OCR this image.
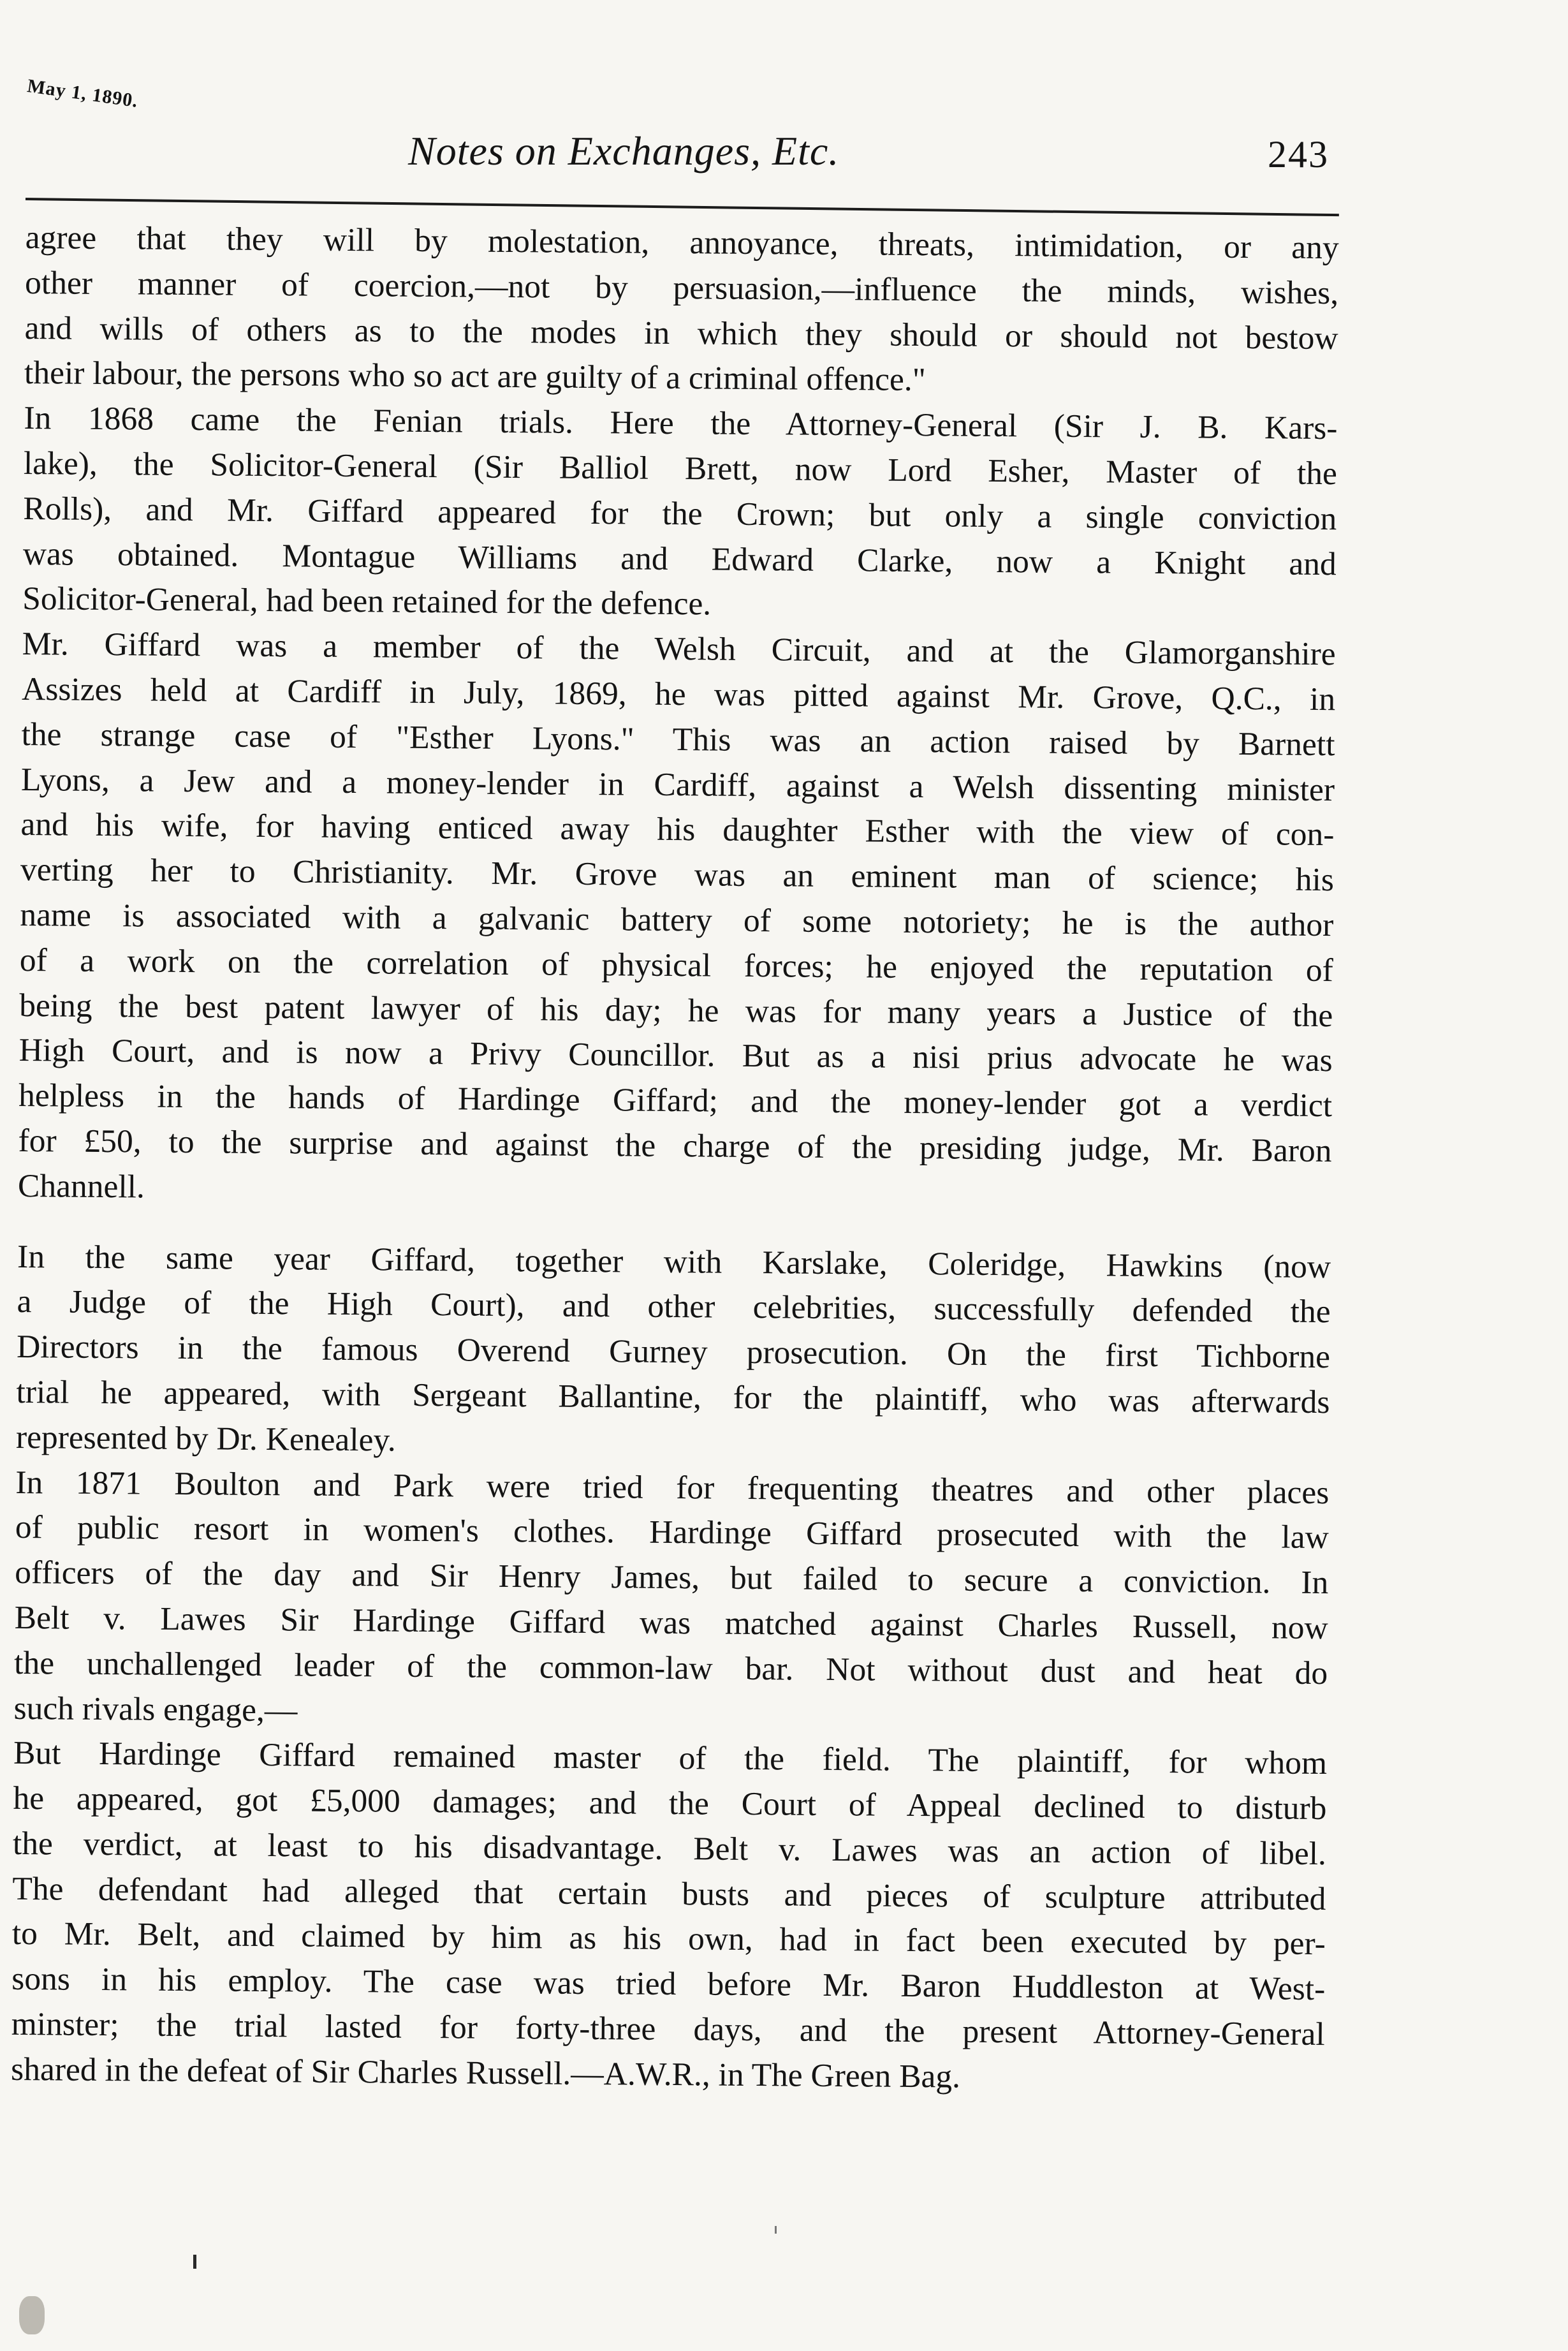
May 1, 1890.
Notes on Exchanges, Etc.	243
agree that they will by molestation, annoyance, threats, intimidation, or any
other manner of coercion,—not by persuasion,—influence the minds, wishes,
and wills of others as to the modes in which they should or should not bestow
their labour, the persons who so act are guilty of a criminal offence."
In 1868 came the Fenian trials. Here the Attorney-General (Sir J. B. Kars-
lake), the Solicitor-General (Sir Balliol Brett, now Lord Esher, Master of the
Rolls), and Mr. Giffard appeared for the Crown; but only a single conviction
was obtained. Montague Williams and Edward Clarke, now a Knight and
Solicitor-General, had been retained for the defence.
Mr. Giffard was a member of the Welsh Circuit, and at the Glamorganshire
Assizes held at Cardiff in July, 1869, he was pitted against Mr. Grove, Q.C., in
the strange case of "Esther Lyons." This was an action raised by Barnett
Lyons, a Jew and a money-lender in Cardiff, against a Welsh dissenting minister
and his wife, for having enticed away his daughter Esther with the view of con-
verting her to Christianity. Mr. Grove was an eminent man of science; his
name is associated with a galvanic battery of some notoriety; he is the author
of a work on the correlation of physical forces; he enjoyed the reputation of
being the best patent lawyer of his day; he was for many years a Justice of the
High Court, and is now a Privy Councillor. But as a nisi prius advocate he was
helpless in the hands of Hardinge Giffard; and the money-lender got a verdict
for £50, to the surprise and against the charge of the presiding judge, Mr. Baron
Channell.
In the same year Giffard, together with Karslake, Coleridge, Hawkins (now
a Judge of the High Court), and other celebrities, successfully defended the
Directors in the famous Overend Gurney prosecution. On the first Tichborne
trial he appeared, with Sergeant Ballantine, for the plaintiff, who was afterwards
represented by Dr. Kenealey.
In 1871 Boulton and Park were tried for frequenting theatres and other places
of public resort in women's clothes. Hardinge Giffard prosecuted with the law
officers of the day and Sir Henry James, but failed to secure a conviction. In
Belt v. Lawes Sir Hardinge Giffard was matched against Charles Russell, now
the unchallenged leader of the common-law bar. Not without dust and heat do
such rivals engage,—
But Hardinge Giffard remained master of the field. The plaintiff, for whom
he appeared, got £5,000 damages; and the Court of Appeal declined to disturb
the verdict, at least to his disadvantage. Belt v. Lawes was an action of libel.
The defendant had alleged that certain busts and pieces of sculpture attributed
to Mr. Belt, and claimed by him as his own, had in fact been executed by per-
sons in his employ. The case was tried before Mr. Baron Huddleston at West-
minster; the trial lasted for forty-three days, and the present Attorney-General
shared in the defeat of Sir Charles Russell.—A.W.R., in The Green Bag.
